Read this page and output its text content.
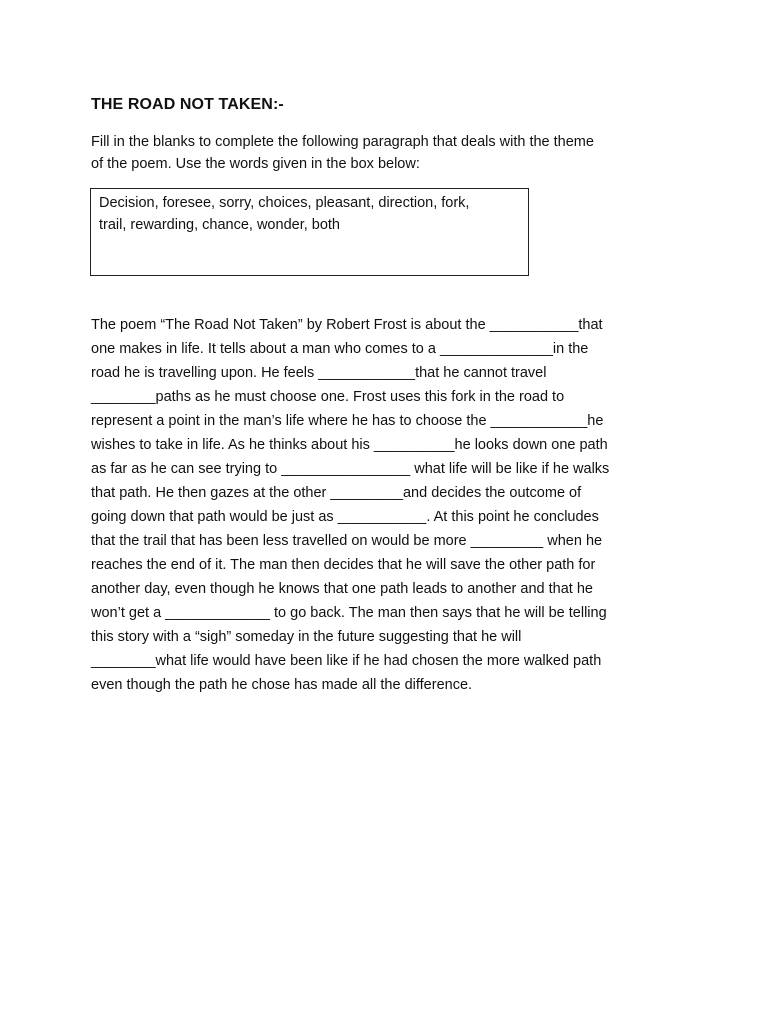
THE ROAD NOT TAKEN:-
Fill in the blanks to complete the following paragraph that deals with the theme
of the poem. Use the words given in the box below:
Decision, foresee, sorry, choices, pleasant, direction, fork,
trail, rewarding, chance, wonder, both
The poem “The Road Not Taken” by Robert Frost is about the ___________that
one makes in life. It tells about a man who comes to a ______________in the
road he is travelling upon. He feels ____________that he cannot travel
________paths as he must choose one. Frost uses this fork in the road to
represent a point in the man’s life where he has to choose the ____________he
wishes to take in life. As he thinks about his __________he looks down one path
as far as he can see trying to ________________ what life will be like if he walks
that path. He then gazes at the other _________and decides the outcome of
going down that path would be just as ___________. At this point he concludes
that the trail that has been less travelled on would be more _________ when he
reaches the end of it. The man then decides that he will save the other path for
another day, even though he knows that one path leads to another and that he
won’t get a _____________ to go back. The man then says that he will be telling
this story with a “sigh” someday in the future suggesting that he will
________what life would have been like if he had chosen the more walked path
even though the path he chose has made all the difference.
